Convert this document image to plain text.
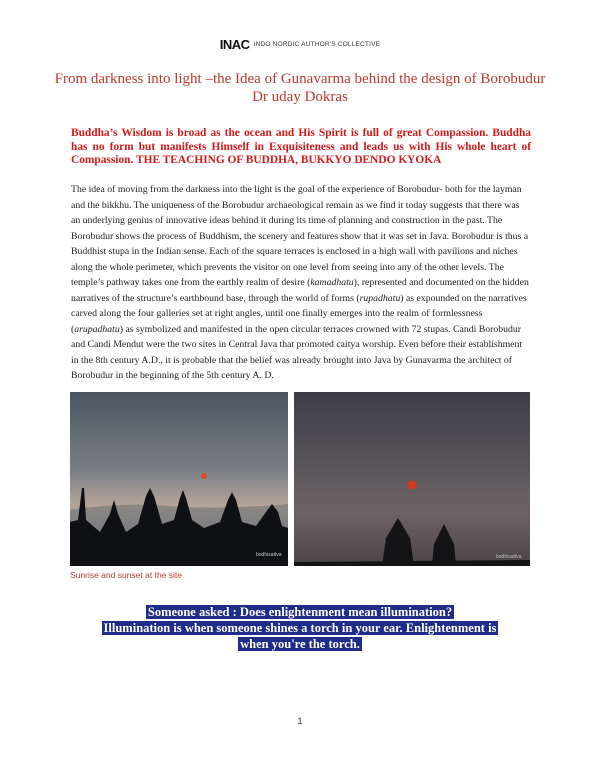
INAC INDO NORDIC AUTHOR'S COLLECTIVE
From darkness into light –the Idea of Gunavarma behind the design of Borobudur
Dr uday Dokras
Buddha’s Wisdom is broad as the ocean and His Spirit is full of great Compassion. Buddha has no form but manifests Himself in Exquisiteness and leads us with His whole heart of Compassion. THE TEACHING OF BUDDHA, BUKKYO DENDO KYOKA
The idea of moving from the darkness into the light is the goal of the experience of Borobudur- both for the layman and the bikkhu. The uniqueness of the Borobudur archaeological remain as we find it today suggests that there was an underlying genius of innovative ideas behind it during its time of planning and construction in the past. The Borobudur shows the process of Buddhism, the scenery and features show that it was set in Java. Borobudur is thus a Buddhist stupa in the Indian sense. Each of the square terraces is enclosed in a high wall with pavilions and niches along the whole perimeter, which prevents the visitor on one level from seeing into any of the other levels. The temple’s pathway takes one from the earthly realm of desire (kamadhatu), represented and documented on the hidden narratives of the structure’s earthbound base, through the world of forms (rupadhatu) as expounded on the narratives carved along the four galleries set at right angles, until one finally emerges into the realm of formlessness (arupadhatu) as symbolized and manifested in the open circular terraces crowned with 72 stupas. Candi Borobudur and Candi Mendut were the two sites in Central Java that promoted caitya worship. Even before their establishment in the 8th century A.D., it is probable that the belief was already brought into Java by Gunavarma the architect of Borobudur in the beginning of the 5th century A. D.
bodhisattva	bodhisattva
Sunrise and sunset at the site
Someone asked : Does enlightenment mean illumination?
Illumination is when someone shines a torch in your ear. Enlightenment is
when you're the torch.
1
